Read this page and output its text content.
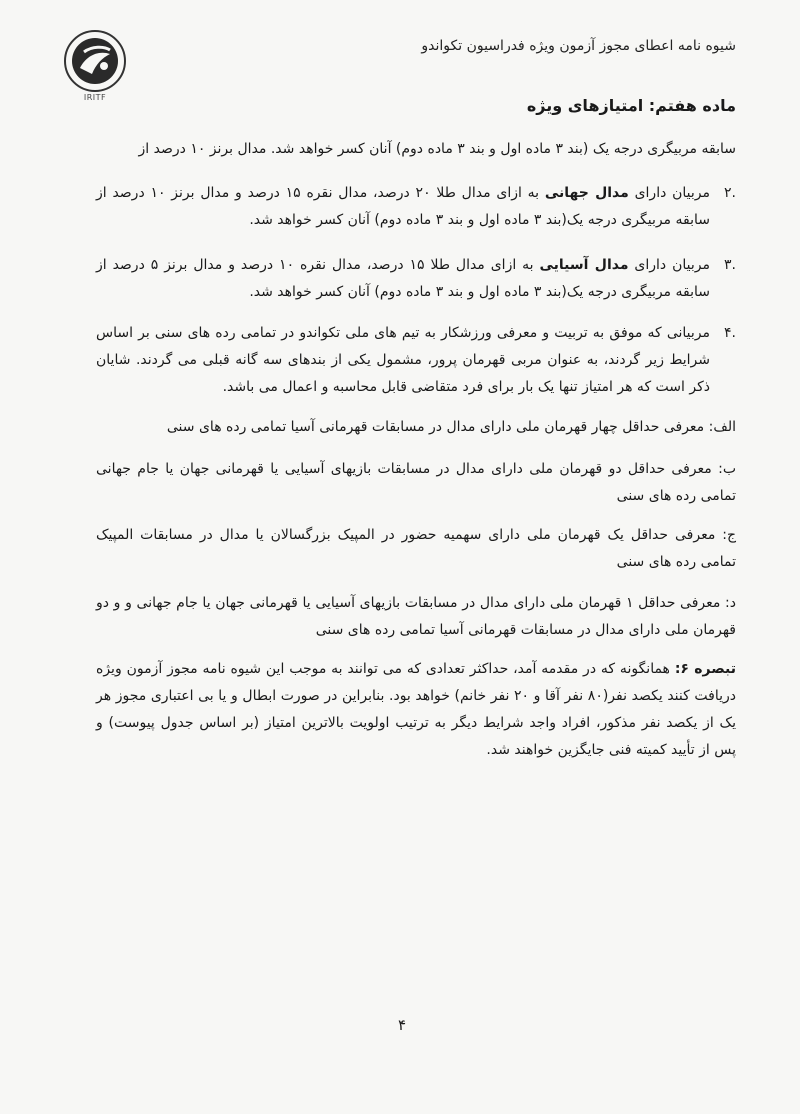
IRITF
شیوه نامه اعطای مجوز آزمون ویژه فدراسیون تکواندو
ماده هفتم: امتیازهای ویژه
سابقه مربیگری درجه یک (بند ۳ ماده اول و بند ۳ ماده دوم) آنان کسر خواهد شد. مدال برنز ۱۰ درصد از
.۲
مربیان دارای مدال جهانی به ازای مدال طلا ۲۰ درصد، مدال نقره ۱۵ درصد و مدال برنز ۱۰ درصد از سابقه مربیگری درجه یک(بند ۳ ماده اول و بند ۳ ماده دوم) آنان کسر خواهد شد.
.۳
مربیان دارای مدال آسیایی به ازای مدال طلا ۱۵ درصد، مدال نقره ۱۰ درصد و مدال برنز ۵ درصد از سابقه مربیگری درجه یک(بند ۳ ماده اول و بند ۳ ماده دوم) آنان کسر خواهد شد.
.۴
مربیانی که موفق به تربیت و معرفی ورزشکار به تیم های ملی تکواندو در تمامی رده های سنی بر اساس شرایط زیر گردند، به عنوان مربی قهرمان پرور، مشمول یکی از بندهای سه گانه قبلی می گردند. شایان ذکر است که هر امتیاز تنها یک بار برای فرد متقاضی قابل محاسبه و اعمال می باشد.
الف: معرفی حداقل چهار قهرمان ملی دارای مدال در مسابقات قهرمانی آسیا تمامی رده های سنی
ب: معرفی حداقل دو قهرمان ملی دارای مدال در مسابقات بازیهای آسیایی یا قهرمانی جهان یا جام جهانی تمامی رده های سنی
ج: معرفی حداقل یک قهرمان ملی دارای سهمیه حضور در المپیک بزرگسالان یا مدال در مسابقات المپیک تمامی رده های سنی
د: معرفی حداقل ۱ قهرمان ملی دارای مدال در مسابقات بازیهای آسیایی یا قهرمانی جهان یا جام جهانی و و دو قهرمان ملی دارای مدال در مسابقات قهرمانی آسیا تمامی رده های سنی
تبصره ۶: همانگونه که در مقدمه آمد، حداکثر تعدادی که می توانند به موجب این شیوه نامه مجوز آزمون ویژه دریافت کنند یکصد نفر(۸۰ نفر آقا و ۲۰ نفر خانم) خواهد بود. بنابراین در صورت ابطال و یا بی اعتباری مجوز هر یک از یکصد نفر مذکور، افراد واجد شرایط دیگر به ترتیب اولویت بالاترین امتیاز (بر اساس جدول پیوست) و پس از تأیید کمیته فنی جایگزین خواهند شد.
۴
